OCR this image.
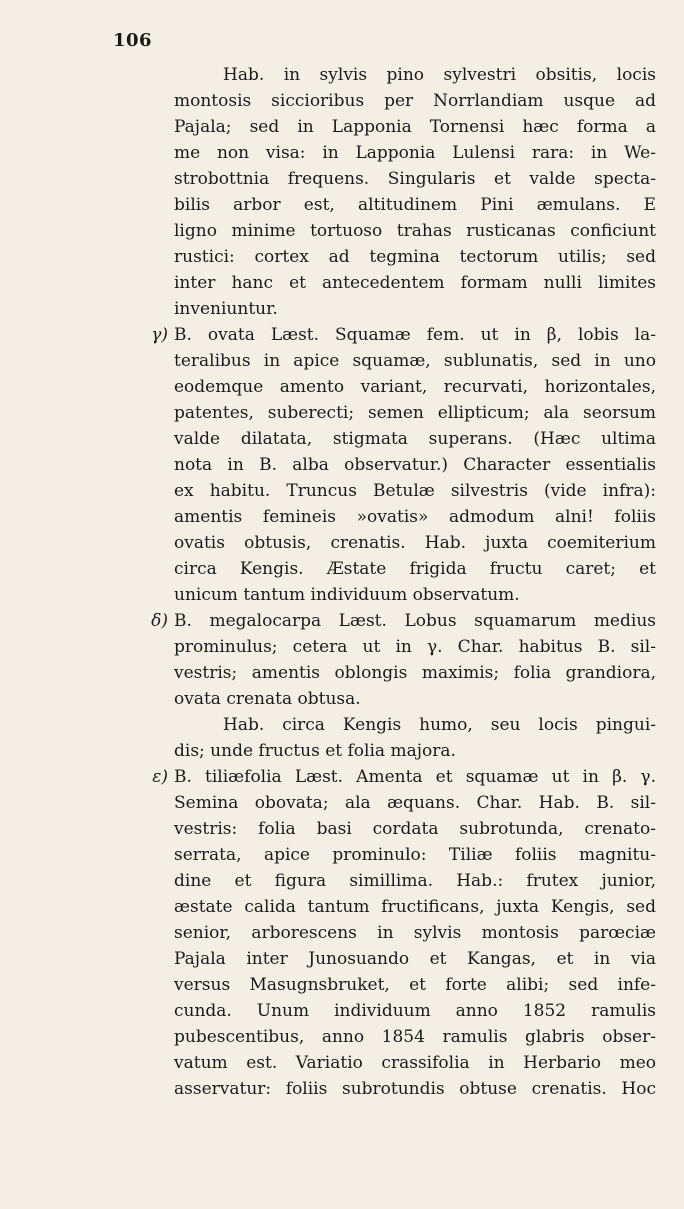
106
Hab. in sylvis pino sylvestri obsitis, locis
montosis siccioribus per Norrlandiam usque ad
Pajala; sed in Lapponia Tornensi hæc forma a
me non visa: in Lapponia Lulensi rara: in We-
strobottnia frequens. Singularis et valde specta-
bilis arbor est, altitudinem Pini æmulans. E
ligno minime tortuoso trahas rusticanas conficiunt
rustici: cortex ad tegmina tectorum utilis; sed
inter hanc et antecedentem formam nulli limites
inveniuntur.
γ) B. ovata Læst. Squamæ fem. ut in β, lobis la-
teralibus in apice squamæ, sublunatis, sed in uno
eodemque amento variant, recurvati, horizontales,
patentes, suberecti; semen ellipticum; ala seorsum
valde dilatata, stigmata superans. (Hæc ultima
nota in B. alba observatur.) Character essentialis
ex habitu. Truncus Betulæ silvestris (vide infra):
amentis femineis »ovatis» admodum alni! foliis
ovatis obtusis, crenatis. Hab. juxta coemiterium
circa Kengis. Æstate frigida fructu caret; et
unicum tantum individuum observatum.
δ) B. megalocarpa Læst. Lobus squamarum medius
prominulus; cetera ut in γ. Char. habitus B. sil-
vestris; amentis oblongis maximis; folia grandiora,
ovata crenata obtusa.
Hab. circa Kengis humo, seu locis pingui-
dis; unde fructus et folia majora.
ε) B. tiliæfolia Læst. Amenta et squamæ ut in β. γ.
Semina obovata; ala æquans. Char. Hab. B. sil-
vestris: folia basi cordata subrotunda, crenato-
serrata, apice prominulo: Tiliæ foliis magnitu-
dine et figura simillima. Hab.: frutex junior,
æstate calida tantum fructificans, juxta Kengis, sed
senior, arborescens in sylvis montosis parœciæ
Pajala inter Junosuando et Kangas, et in via
versus Masugnsbruket, et forte alibi; sed infe-
cunda. Unum individuum anno 1852 ramulis
pubescentibus, anno 1854 ramulis glabris obser-
vatum est. Variatio crassifolia in Herbario meo
asservatur: foliis subrotundis obtuse crenatis. Hoc
